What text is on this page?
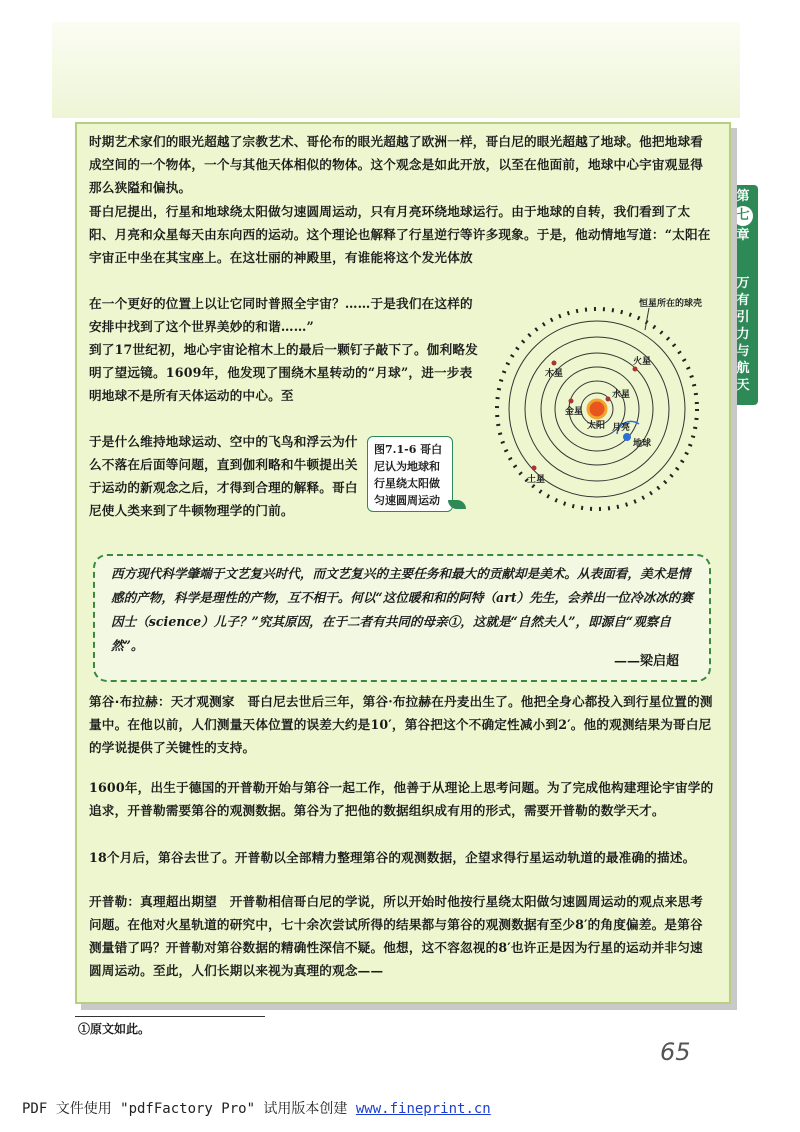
第
七
章
万有引力与航天

时期艺术家们的眼光超越了宗教艺术、哥伦布的眼光超越了欧洲一样，哥白尼的眼光超越了地球。他把地球看成空间的一个物体，一个与其他天体相似的物体。这个观念是如此开放，以至在他面前，地球中心宇宙观显得那么狭隘和偏执。

哥白尼提出，行星和地球绕太阳做匀速圆周运动，只有月亮环绕地球运行。由于地球的自转，我们看到了太阳、月亮和众星每天由东向西的运动。这个理论也解释了行星逆行等许多现象。于是，他动情地写道：“太阳在宇宙正中坐在其宝座上。在这壮丽的神殿里，有谁能将这个发光体放

在一个更好的位置上以让它同时普照全宇宙？……于是我们在这样的安排中找到了这个世界美妙的和谐……”

到了17世纪初，地心宇宙论棺木上的最后一颗钉子敲下了。伽利略发明了望远镜。1609年，他发现了围绕木星转动的“月球”，进一步表明地球不是所有天体运动的中心。至

于是什么维持地球运动、空中的飞鸟和浮云为什么不落在后面等问题，直到伽利略和牛顿提出关于运动的新观念之后，才得到合理的解释。哥白尼使人类来到了牛顿物理学的门前。

图7.1-6 哥白尼认为地球和行星绕太阳做匀速圆周运动
恒星所在的球壳
木星
火星
水星
金星
太阳 月亮
地球
土星

西方现代科学肇端于文艺复兴时代，而文艺复兴的主要任务和最大的贡献却是美术。从表面看，美术是情感的产物，科学是理性的产物，互不相干。何以“这位暖和和的阿特（art）先生，会养出一位冷冰冰的赛因士（science）儿子？”究其原因，在于二者有共同的母亲①，这就是“自然夫人”，即源自“观察自然”。

——梁启超

第谷·布拉赫：天才观测家　哥白尼去世后三年，第谷·布拉赫在丹麦出生了。他把全身心都投入到行星位置的测量中。在他以前，人们测量天体位置的误差大约是10′，第谷把这个不确定性减小到2′。他的观测结果为哥白尼的学说提供了关键性的支持。

1600年，出生于德国的开普勒开始与第谷一起工作，他善于从理论上思考问题。为了完成他构建理论宇宙学的追求，开普勒需要第谷的观测数据。第谷为了把他的数据组织成有用的形式，需要开普勒的数学天才。

18个月后，第谷去世了。开普勒以全部精力整理第谷的观测数据，企望求得行星运动轨道的最准确的描述。

开普勒：真理超出期望　开普勒相信哥白尼的学说，所以开始时他按行星绕太阳做匀速圆周运动的观点来思考问题。在他对火星轨道的研究中，七十余次尝试所得的结果都与第谷的观测数据有至少8′的角度偏差。是第谷测量错了吗？开普勒对第谷数据的精确性深信不疑。他想，这不容忽视的8′也许正是因为行星的运动并非匀速圆周运动。至此，人们长期以来视为真理的观念——

①原文如此。
65
PDF 文件使用 "pdfFactory Pro" 试用版本创建 www.fineprint.cn
